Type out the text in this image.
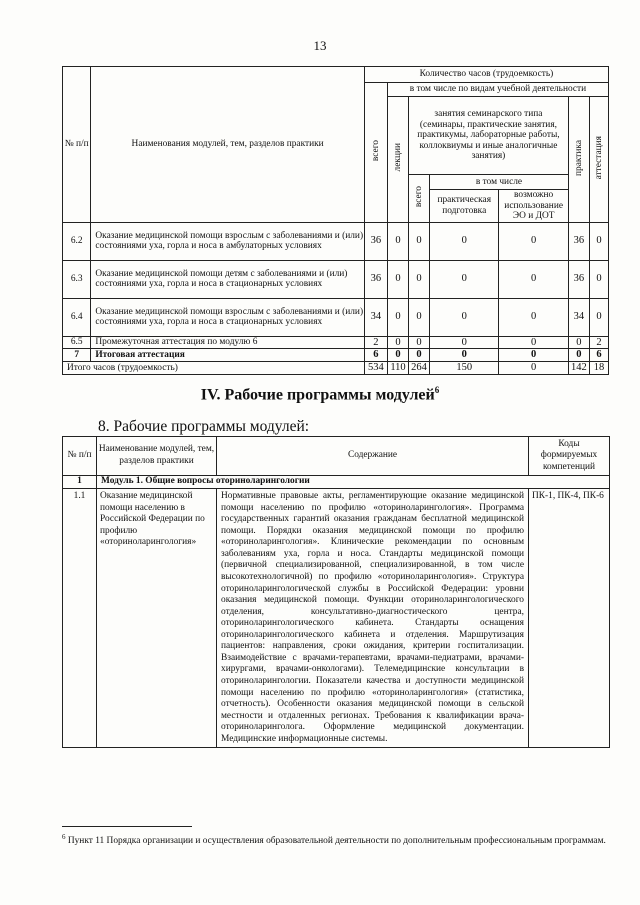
13
№ п/п	Наименования модулей, тем, разделов практики	Количество часов (трудоемкость)						
		всего	в том числе по видам учебной деятельности					
			лекции	занятия семинарского типа (семинары, практические занятия, практикумы, лабораторные работы, коллоквиумы и иные аналогичные занятия)			практика	аттестация
				всего	в том числе			
					практическая подготовка	возможно использование ЭО и ДОТ		
6.2	Оказание медицинской помощи взрослым с заболеваниями и (или) состояниями уха, горла и носа в амбулаторных условиях	36	0	0	0	0	36	0
6.3	Оказание медицинской помощи детям с заболеваниями и (или) состояниями уха, горла и носа в стационарных условиях	36	0	0	0	0	36	0
6.4	Оказание медицинской помощи взрослым с заболеваниями и (или) состояниями уха, горла и носа в стационарных условиях	34	0	0	0	0	34	0
6.5	Промежуточная аттестация по модулю 6	2	0	0	0	0	0	2
7	Итоговая аттестация	6	0	0	0	0	0	6
Итого часов (трудоемкость)		534	110	264	150	0	142	18
IV. Рабочие программы модулей$^6$
8. Рабочие программы модулей:
№ п/п	Наименование модулей, тем, разделов практики	Содержание	Коды формируемых компетенций
1	Модуль 1. Общие вопросы оториноларингологии		
1.1	Оказание медицинской помощи населению в Российской Федерации по профилю «оториноларингология»	Нормативные правовые акты, регламентирующие оказание медицинской помощи населению по профилю «оториноларингология». Программа государственных гарантий оказания гражданам бесплатной медицинской помощи. Порядки оказания медицинской помощи по профилю «оториноларингология». Клинические рекомендации по основным заболеваниям уха, горла и носа. Стандарты медицинской помощи (первичной специализированной, специализированной, в том числе высокотехнологичной) по профилю «оториноларингология». Структура оториноларингологической службы в Российской Федерации: уровни оказания медицинской помощи. Функции оториноларингологического отделения, консультативно-диагностического центра, оториноларингологического кабинета. Стандарты оснащения оториноларингологического кабинета и отделения. Маршрутизация пациентов: направления, сроки ожидания, критерии госпитализации. Взаимодействие с врачами-терапевтами, врачами-педиатрами, врачами-хирургами, врачами-онкологами). Телемедицинские консультации в оториноларингологии. Показатели качества и доступности медицинской помощи населению по профилю «оториноларингология» (статистика, отчетность). Особенности оказания медицинской помощи в сельской местности и отдаленных регионах. Требования к квалификации врача-оториноларинголога. Оформление медицинской документации. Медицинские информационные системы.	ПК-1, ПК-4, ПК-6
$^6$ Пункт 11 Порядка организации и осуществления образовательной деятельности по дополнительным профессиональным программам.
